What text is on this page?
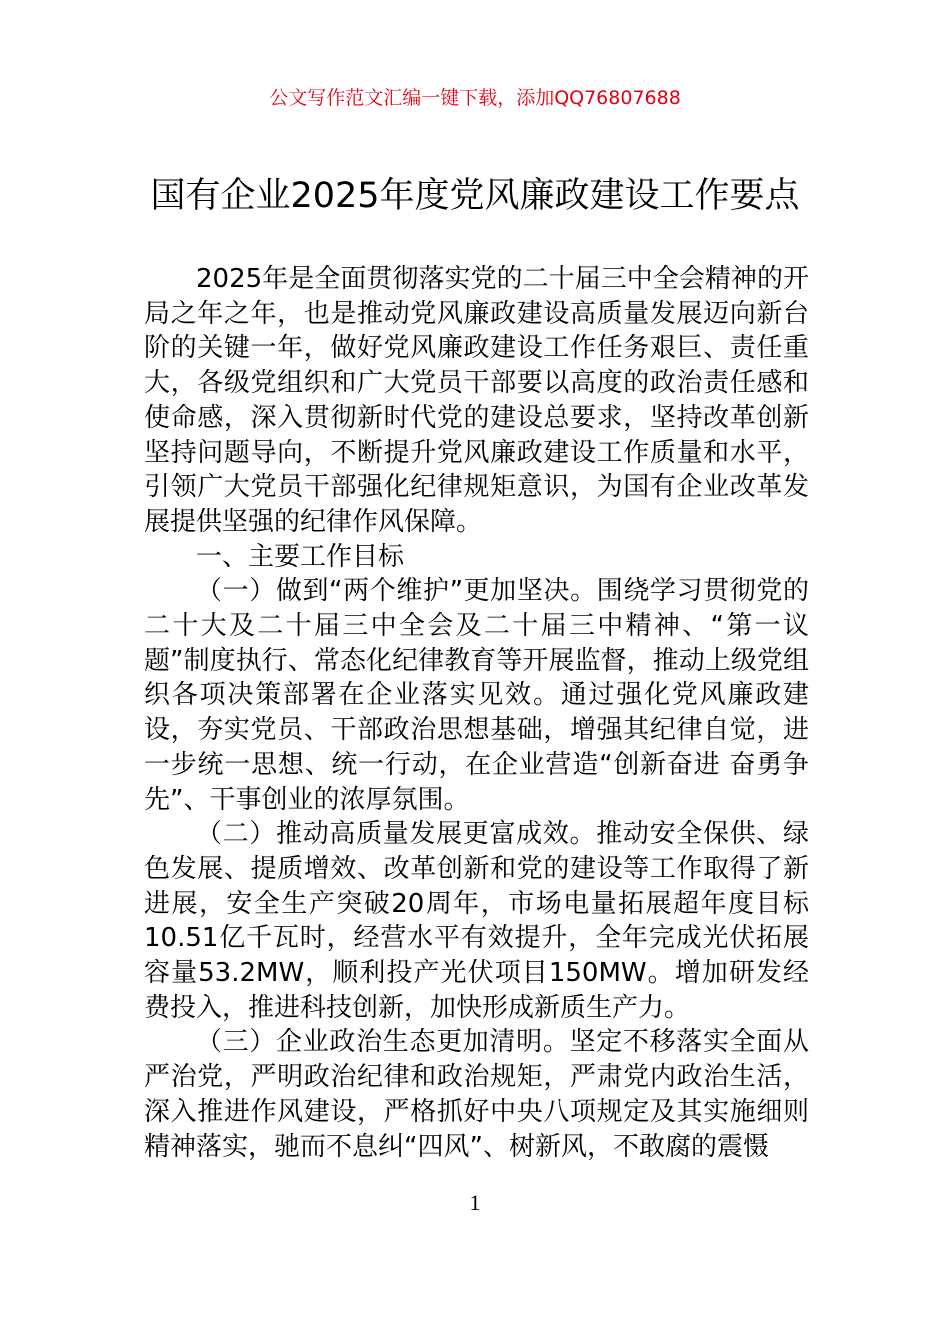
公文写作范文汇编一键下载，添加QQ76807688
国有企业2025年度党风廉政建设工作要点

2025年是全面贯彻落实党的二十届三中全会精神的开局之年之年，也是推动党风廉政建设高质量发展迈向新台阶的关键一年，做好党风廉政建设工作任务艰巨、责任重大，各级党组织和广大党员干部要以高度的政治责任感和使命感，深入贯彻新时代党的建设总要求，坚持改革创新坚持问题导向，不断提升党风廉政建设工作质量和水平，引领广大党员干部强化纪律规矩意识，为国有企业改革发展提供坚强的纪律作风保障。

一、主要工作目标

（一）做到“两个维护”更加坚决。围绕学习贯彻党的二十大及二十届三中全会及二十届三中精神、“第一议题”制度执行、常态化纪律教育等开展监督，推动上级党组织各项决策部署在企业落实见效。通过强化党风廉政建设，夯实党员、干部政治思想基础，增强其纪律自觉，进一步统一思想、统一行动，在企业营造“创新奋进 奋勇争先”、干事创业的浓厚氛围。

（二）推动高质量发展更富成效。推动安全保供、绿色发展、提质增效、改革创新和党的建设等工作取得了新进展，安全生产突破20周年，市场电量拓展超年度目标10.51亿千瓦时，经营水平有效提升，全年完成光伏拓展容量53.2MW，顺利投产光伏项目150MW。增加研发经费投入，推进科技创新，加快形成新质生产力。

（三）企业政治生态更加清明。坚定不移落实全面从严治党，严明政治纪律和政治规矩，严肃党内政治生活，深入推进作风建设，严格抓好中央八项规定及其实施细则精神落实，驰而不息纠“四风”、树新风，不敢腐的震慑

1
